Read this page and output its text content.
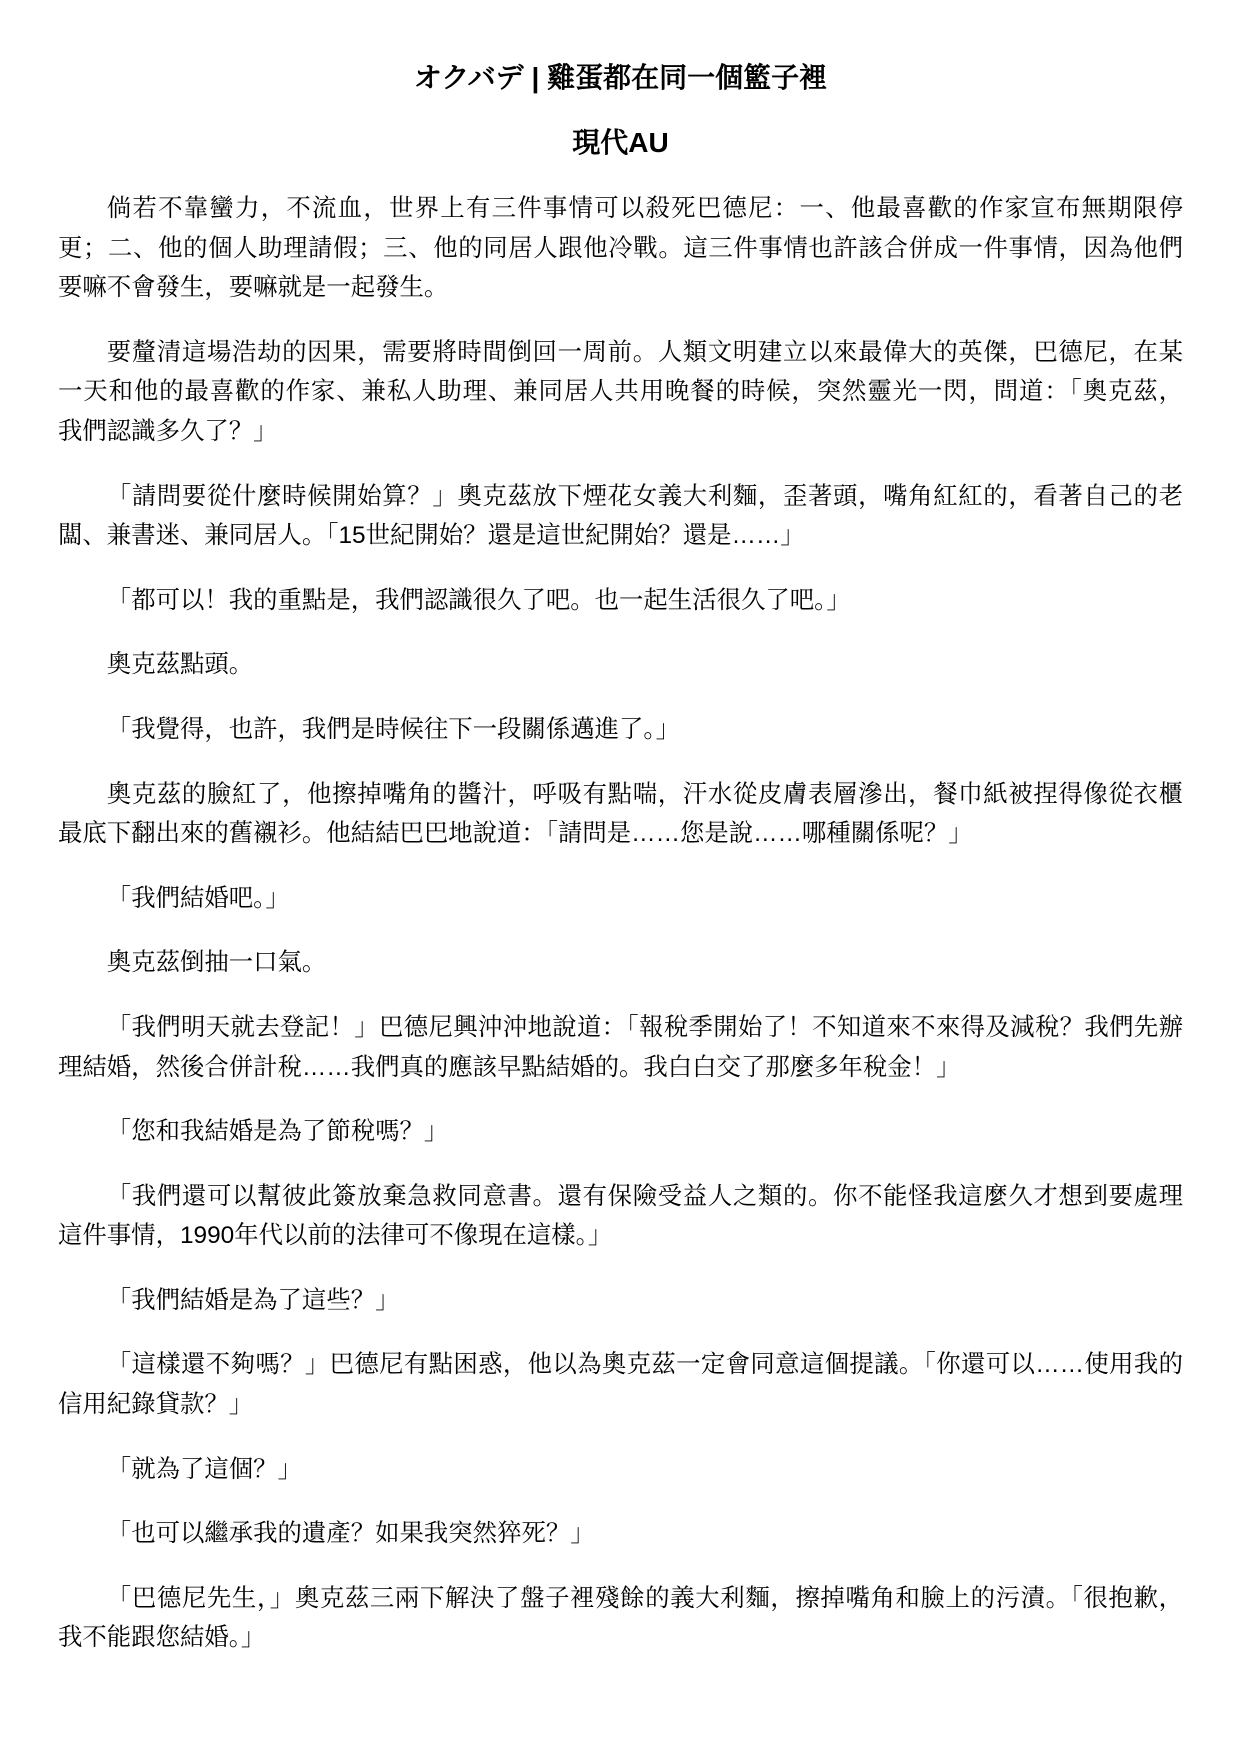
オクバデ | 雞蛋都在同一個籃子裡
現代AU
倘若不靠蠻力，不流血，世界上有三件事情可以殺死巴德尼：一、他最喜歡的作家宣布無期限停
更；二、他的個人助理請假；三、他的同居人跟他冷戰。這三件事情也許該合併成一件事情，因為他們
要嘛不會發生，要嘛就是一起發生。
要釐清這場浩劫的因果，需要將時間倒回一周前。人類文明建立以來最偉大的英傑，巴德尼，在某
一天和他的最喜歡的作家、兼私人助理、兼同居人共用晚餐的時候，突然靈光一閃，問道：「奧克茲，
我們認識多久了？」
「請問要從什麼時候開始算？」奧克茲放下煙花女義大利麵，歪著頭，嘴角紅紅的，看著自己的老
闆、兼書迷、兼同居人。「15世紀開始？還是這世紀開始？還是……」
「都可以！我的重點是，我們認識很久了吧。也一起生活很久了吧。」
奧克茲點頭。
「我覺得，也許，我們是時候往下一段關係邁進了。」
奧克茲的臉紅了，他擦掉嘴角的醬汁，呼吸有點喘，汗水從皮膚表層滲出，餐巾紙被捏得像從衣櫃
最底下翻出來的舊襯衫。他結結巴巴地說道：「請問是……您是說……哪種關係呢？」
「我們結婚吧。」
奧克茲倒抽一口氣。
「我們明天就去登記！」巴德尼興沖沖地說道：「報稅季開始了！不知道來不來得及減稅？我們先辦
理結婚，然後合併計稅……我們真的應該早點結婚的。我白白交了那麼多年稅金！」
「您和我結婚是為了節稅嗎？」
「我們還可以幫彼此簽放棄急救同意書。還有保險受益人之類的。你不能怪我這麼久才想到要處理
這件事情，1990年代以前的法律可不像現在這樣。」
「我們結婚是為了這些？」
「這樣還不夠嗎？」巴德尼有點困惑，他以為奧克茲一定會同意這個提議。「你還可以……使用我的
信用紀錄貸款？」
「就為了這個？」
「也可以繼承我的遺產？如果我突然猝死？」
「巴德尼先生，」奧克茲三兩下解決了盤子裡殘餘的義大利麵，擦掉嘴角和臉上的污漬。「很抱歉，
我不能跟您結婚。」
